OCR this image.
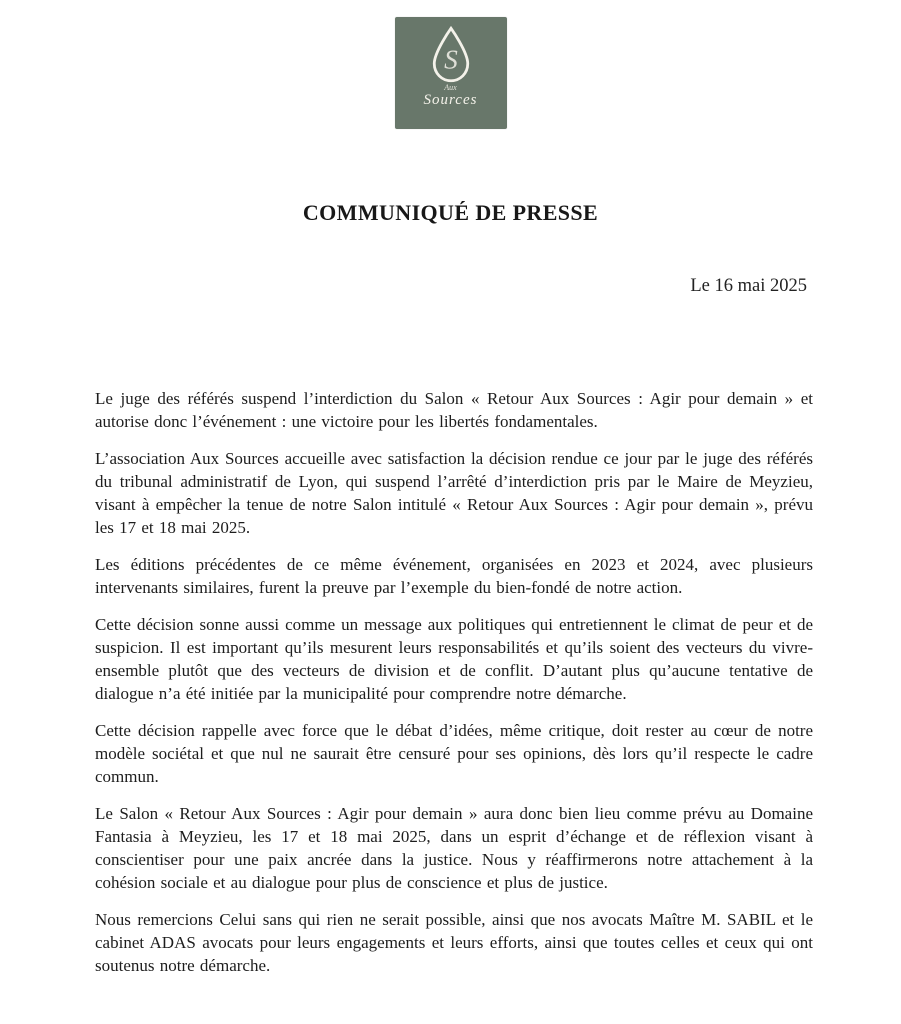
S
Aux
Sources
COMMUNIQUÉ DE PRESSE
Le 16 mai 2025

Le juge des référés suspend l’interdiction du Salon « Retour Aux Sources : Agir pour demain » et autorise donc l’événement : une victoire pour les libertés fondamentales.

L’association Aux Sources accueille avec satisfaction la décision rendue ce jour par le juge des référés du tribunal administratif de Lyon, qui suspend l’arrêté d’interdiction pris par le Maire de Meyzieu, visant à empêcher la tenue de notre Salon intitulé « Retour Aux Sources : Agir pour demain », prévu les 17 et 18 mai 2025.

Les éditions précédentes de ce même événement, organisées en 2023 et 2024, avec plusieurs intervenants similaires, furent la preuve par l’exemple du bien-fondé de notre action.

Cette décision sonne aussi comme un message aux politiques qui entretiennent le climat de peur et de suspicion. Il est important qu’ils mesurent leurs responsabilités et qu’ils soient des vecteurs du vivre-ensemble plutôt que des vecteurs de division et de conflit. D’autant plus qu’aucune tentative de dialogue n’a été initiée par la municipalité pour comprendre notre démarche.

Cette décision rappelle avec force que le débat d’idées, même critique, doit rester au cœur de notre modèle sociétal et que nul ne saurait être censuré pour ses opinions, dès lors qu’il respecte le cadre commun.

Le Salon « Retour Aux Sources : Agir pour demain » aura donc bien lieu comme prévu au Domaine Fantasia à Meyzieu, les 17 et 18 mai 2025, dans un esprit d’échange et de réflexion visant à conscientiser pour une paix ancrée dans la justice. Nous y réaffirmerons notre attachement à la cohésion sociale et au dialogue pour plus de conscience et plus de justice.

Nous remercions Celui sans qui rien ne serait possible, ainsi que nos avocats Maître M. SABIL et le cabinet ADAS avocats pour leurs engagements et leurs efforts, ainsi que toutes celles et ceux qui ont soutenus notre démarche.
